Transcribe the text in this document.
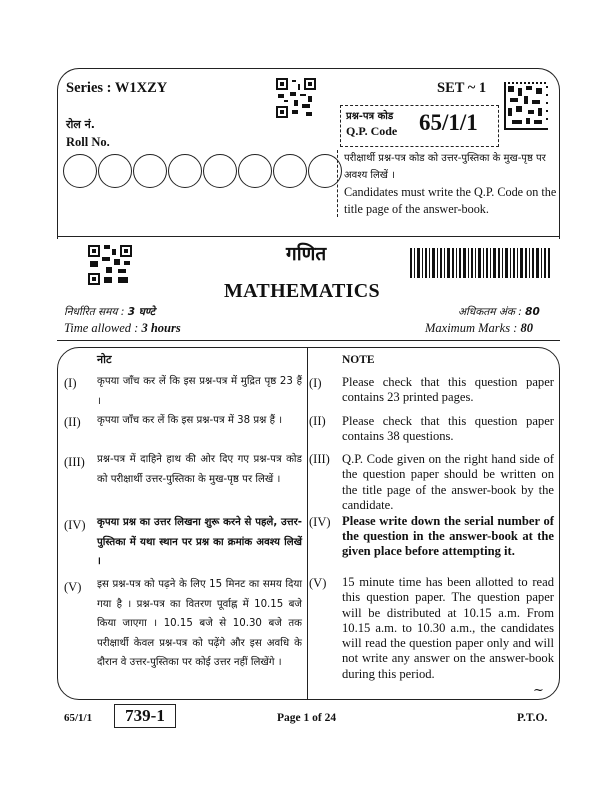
Series : W1XZY	SET ~ 1
रोल नं.
Roll No.
प्रश्न-पत्र कोड
Q.P. Code 65/1/1
परीक्षार्थी प्रश्न-पत्र कोड को उत्तर-पुस्तिका के मुख-पृष्ठ पर अवश्य लिखें ।
Candidates must write the Q.P. Code on the title page of the answer-book.
गणित
MATHEMATICS
निर्धारित समय : 3 घण्टे
Time allowed : 3 hours
अधिकतम अंक : 80
Maximum Marks : 80
नोट	NOTE
(I) कृपया जाँच कर लें कि इस प्रश्न-पत्र में मुद्रित पृष्ठ 23 हैं ।
(I) Please check that this question paper contains 23 printed pages.
(II) कृपया जाँच कर लें कि इस प्रश्न-पत्र में 38 प्रश्न हैं ।	(II) Please check that this question paper contains 38 questions.
(III) प्रश्न-पत्र में दाहिने हाथ की ओर दिए गए प्रश्न-पत्र कोड को परीक्षार्थी उत्तर-पुस्तिका के मुख-पृष्ठ पर लिखें ।
(III) Q.P. Code given on the right hand side of the question paper should be written on the title page of the answer-book by the candidate.
(IV) कृपया प्रश्न का उत्तर लिखना शुरू करने से पहले, उत्तर-पुस्तिका में यथा स्थान पर प्रश्न का क्रमांक अवश्य लिखें ।
(IV) Please write down the serial number of the question in the answer-book at the given place before attempting it.
(V) इस प्रश्न-पत्र को पढ़ने के लिए 15 मिनट का समय दिया गया है । प्रश्न-पत्र का वितरण पूर्वाह्न में 10.15 बजे किया जाएगा । 10.15 बजे से 10.30 बजे तक परीक्षार्थी केवल प्रश्न-पत्र को पढ़ेंगे और इस अवधि के दौरान वे उत्तर-पुस्तिका पर कोई उत्तर नहीं लिखेंगे ।
(V) 15 minute time has been allotted to read this question paper. The question paper will be distributed at 10.15 a.m. From 10.15 a.m. to 10.30 a.m., the candidates will read the question paper only and will not write any answer on the answer-book during this period.
~
65/1/1	739-1	Page 1 of 24	P.T.O.
